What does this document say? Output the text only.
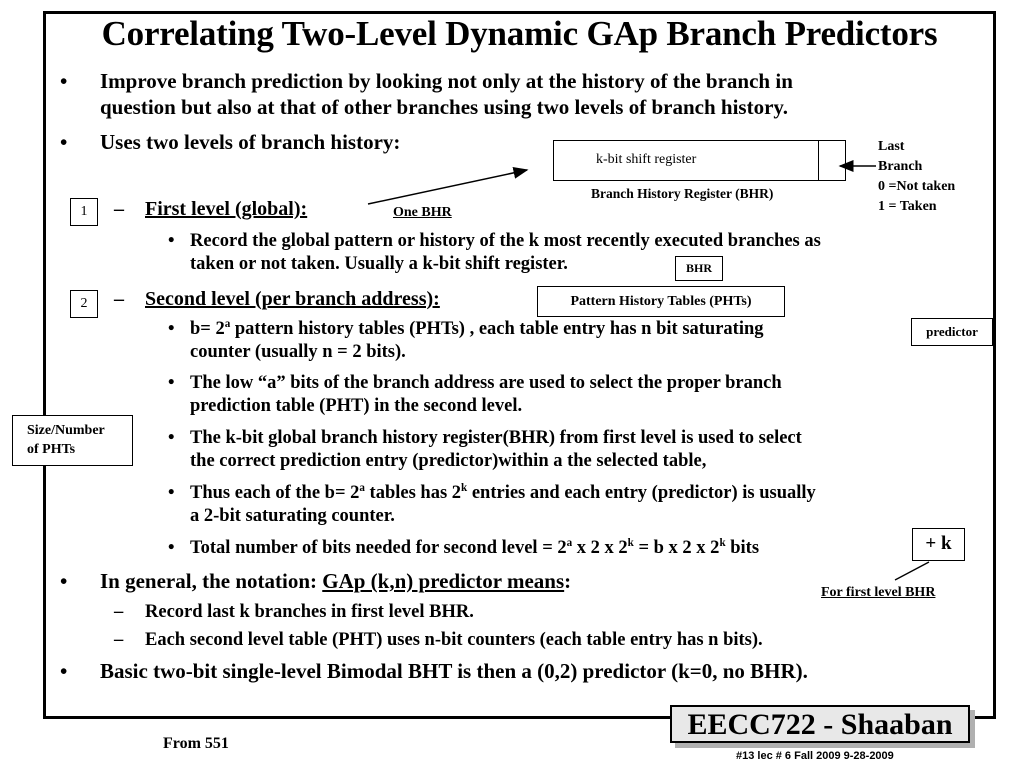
Correlating Two-Level Dynamic GAp Branch Predictors
• Improve branch prediction by looking not only at the history of the branch in
question but also at that of other branches using two levels of branch history.
• Uses two levels of branch history:
k-bit shift register
Branch History Register (BHR)
Last
Branch
0 =Not taken
1 = Taken
1	– First level (global):	One BHR
• Record the global pattern or history of the k most recently executed branches as
taken or not taken. Usually a k-bit shift register.	BHR
2	– Second level (per branch address):	Pattern History Tables (PHTs)
• $b= 2^a$ pattern history tables (PHTs) , each table entry has n bit saturating
counter (usually n = 2 bits).
predictor
• The low “a” bits of the branch address are used to select the proper branch
prediction table (PHT) in the second level.
Size/Number
of PHTs
• The k-bit global branch history register(BHR) from first level is used to select
the correct prediction entry (predictor)within a the selected table,
• Thus each of the $b= 2^a$ tables has 2$^k$ entries and each entry (predictor) is usually
a 2-bit saturating counter.
• Total number of bits needed for second level = $2^a$ x 2 x $2^k = b$ x 2 x 2$^k$ bits	+ k
For first level BHR
• In general, the notation: GAp (k,n) predictor means:
– Record last k branches in first level BHR.
– Each second level table (PHT) uses n-bit counters (each table entry has n bits).
• Basic two-bit single-level Bimodal BHT is then a (0,2) predictor (k=0, no BHR).
EECC722 - Shaaban
From 551
#13 lec # 6 Fall 2009 9-28-2009
